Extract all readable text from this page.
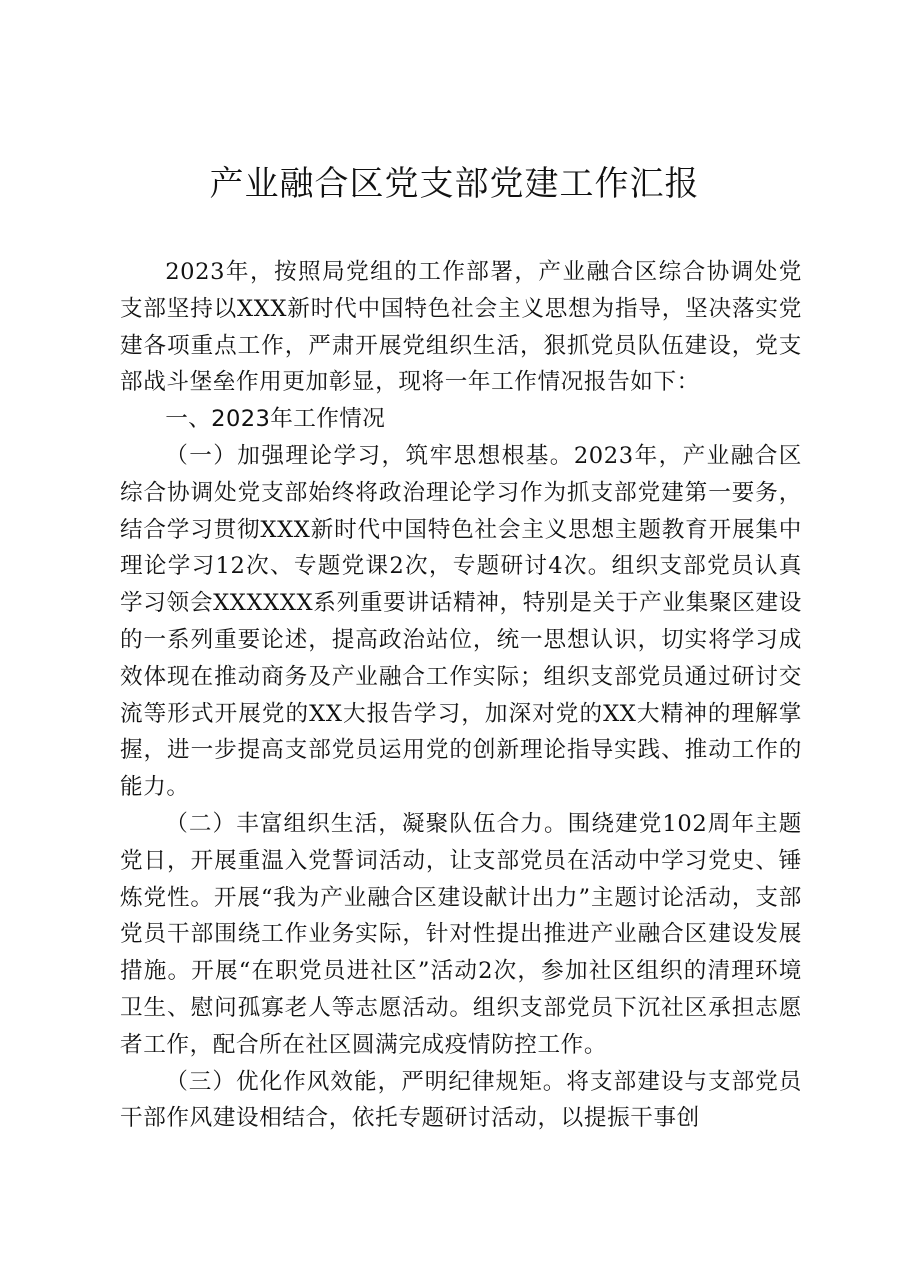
产业融合区党支部党建工作汇报

2023年，按照局党组的工作部署，产业融合区综合协调处党支部坚持以XXX新时代中国特色社会主义思想为指导，坚决落实党建各项重点工作，严肃开展党组织生活，狠抓党员队伍建设，党支部战斗堡垒作用更加彰显，现将一年工作情况报告如下：

一、2023年工作情况

（一）加强理论学习，筑牢思想根基。2023年，产业融合区综合协调处党支部始终将政治理论学习作为抓支部党建第一要务，结合学习贯彻XXX新时代中国特色社会主义思想主题教育开展集中理论学习12次、专题党课2次，专题研讨4次。组织支部党员认真学习领会XXXXXX系列重要讲话精神，特别是关于产业集聚区建设的一系列重要论述，提高政治站位，统一思想认识，切实将学习成效体现在推动商务及产业融合工作实际；组织支部党员通过研讨交流等形式开展党的XX大报告学习，加深对党的XX大精神的理解掌握，进一步提高支部党员运用党的创新理论指导实践、推动工作的能力。

（二）丰富组织生活，凝聚队伍合力。围绕建党102周年主题党日，开展重温入党誓词活动，让支部党员在活动中学习党史、锤炼党性。开展“我为产业融合区建设献计出力”主题讨论活动，支部党员干部围绕工作业务实际，针对性提出推进产业融合区建设发展措施。开展“在职党员进社区”活动2次，参加社区组织的清理环境卫生、慰问孤寡老人等志愿活动。组织支部党员下沉社区承担志愿者工作，配合所在社区圆满完成疫情防控工作。

（三）优化作风效能，严明纪律规矩。将支部建设与支部党员干部作风建设相结合，依托专题研讨活动，以提振干事创
